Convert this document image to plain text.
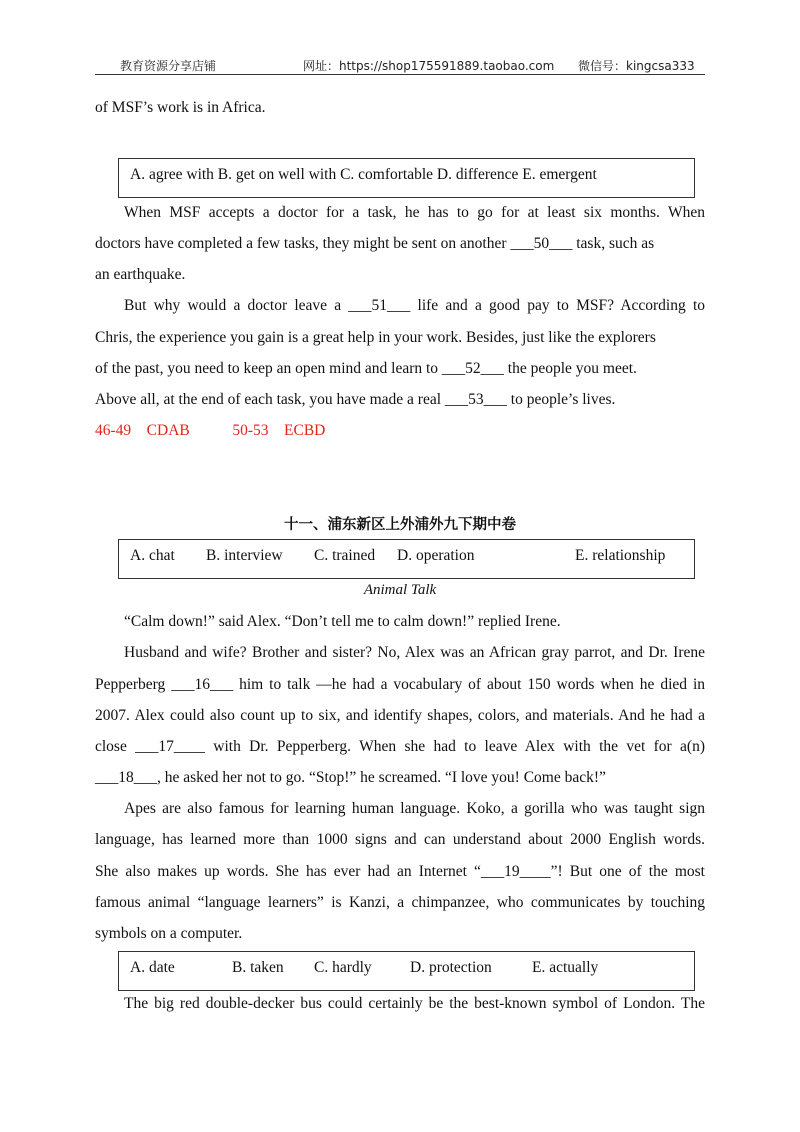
教育资源分享店铺	网址：https://shop175591889.taobao.com 微信号：kingcsa333
of MSF’s work is in Africa.
A. agree with B. get on well with C. comfortable D. difference E. emergent
When MSF accepts a doctor for a task, he has to go for at least six months. When
doctors have completed a few tasks, they might be sent on another ___50___ task, such as
an earthquake.
But why would a doctor leave a ___51___ life and a good pay to MSF? According to
Chris, the experience you gain is a great help in your work. Besides, just like the explorers
of the past, you need to keep an open mind and learn to ___52___ the people you meet.
Above all, at the end of each task, you have made a real ___53___ to people’s lives.
46-49    CDAB           50-53    ECBD
十一、浦东新区上外浦外九下期中卷
A. chat B. interview C. trained D. operation	E. relationship
Animal Talk
“Calm down!” said Alex. “Don’t tell me to calm down!” replied Irene.
Husband and wife? Brother and sister? No, Alex was an African gray parrot, and Dr. Irene
Pepperberg ___16___ him to talk —he had a vocabulary of about 150 words when he died in
2007. Alex could also count up to six, and identify shapes, colors, and materials. And he had a
close  ___17____  with  Dr.  Pepperberg.  When  she  had  to  leave  Alex  with  the  vet  for  a(n)
___18___, he asked her not to go. “Stop!” he screamed. “I love you! Come back!”
Apes are also famous for learning human language. Koko, a gorilla who was taught sign
language, has learned more than 1000 signs and can understand about 2000 English words.
She also makes up words. She has ever had an Internet “___19____”! But one of the most
famous animal “language learners” is Kanzi, a chimpanzee, who communicates by touching
symbols on a computer.
A. date	B. taken C. hardly D. protection	E. actually
The big red double-decker bus could certainly be the best-known symbol of London. The
